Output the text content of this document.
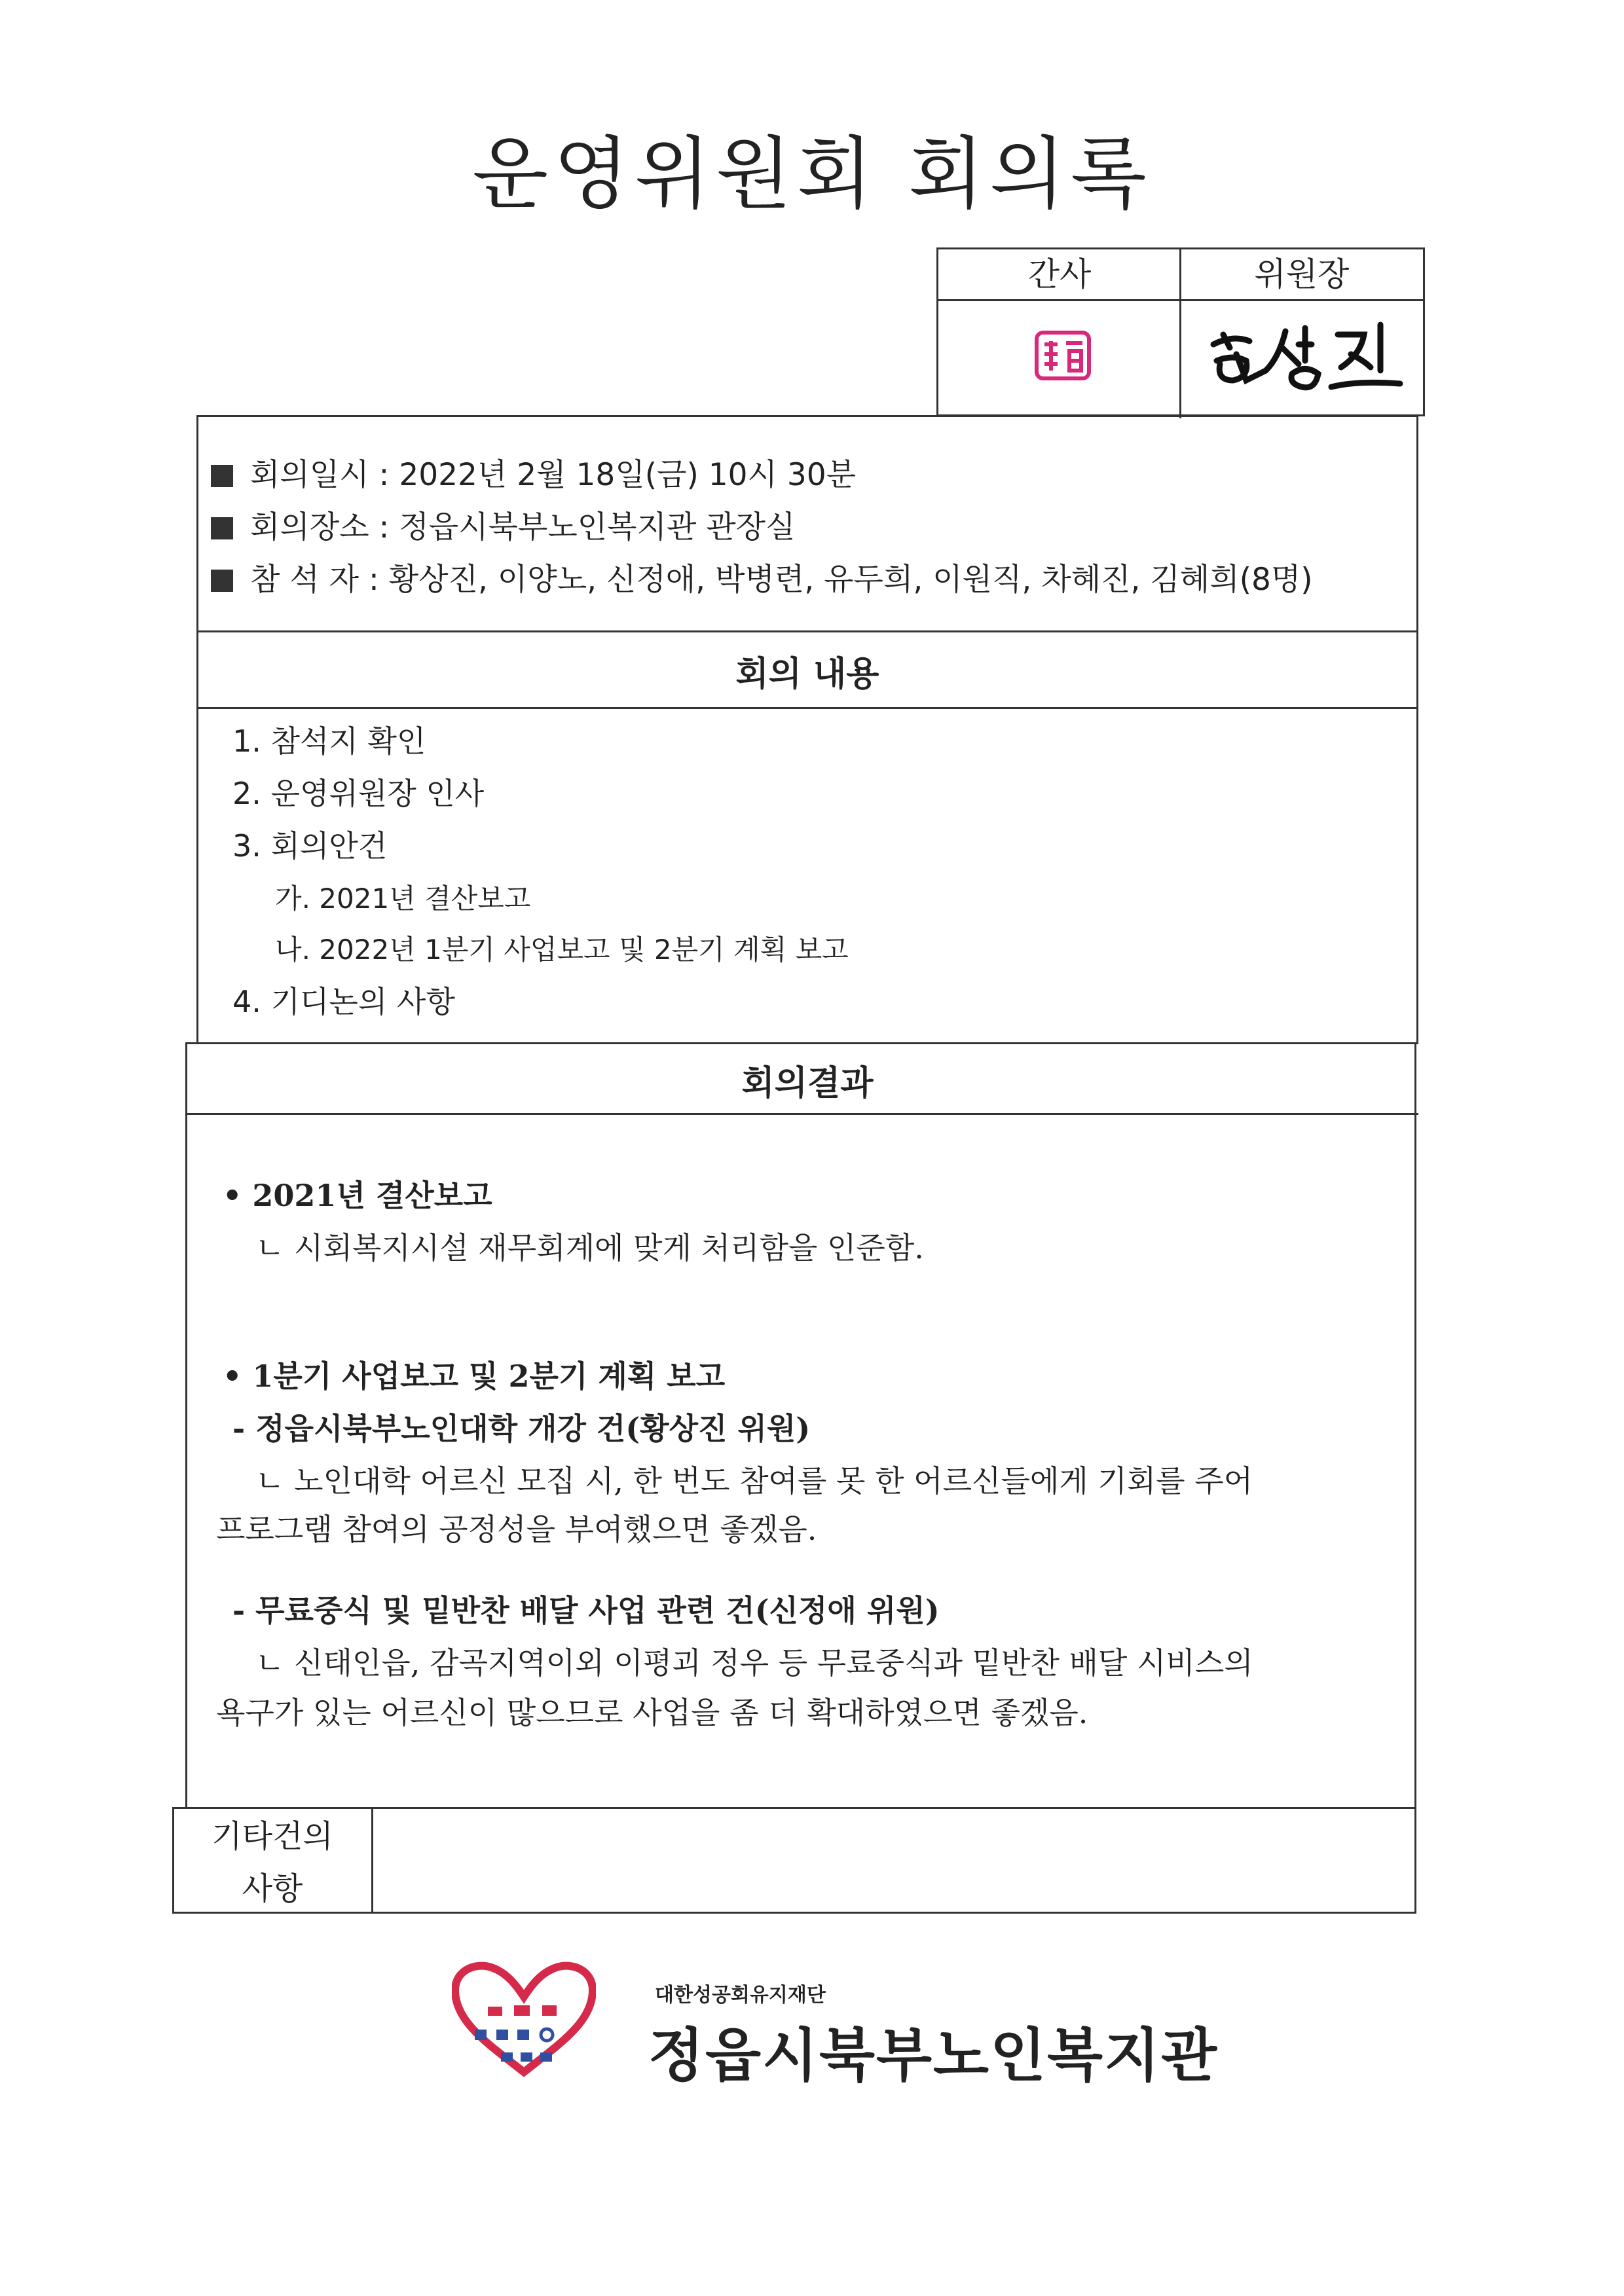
운영위원회 회의록
간사	위원장
회의일시 : 2022년 2월 18일(금) 10시 30분
회의장소 : 정읍시북부노인복지관 관장실
참 석 자 : 황상진, 이양노, 신정애, 박병련, 유두희, 이원직, 차혜진, 김혜희(8명)
회의 내용
1. 참석지 확인
2. 운영위원장 인사
3. 회의안건
가. 2021년 결산보고
나. 2022년 1분기 사업보고 및 2분기 계획 보고
4. 기디논의 사항
회의결과
• 2021년 결산보고
ㄴ 시회복지시설 재무회계에 맞게 처리함을 인준함.
• 1분기 사업보고 및 2분기 계획 보고
- 정읍시북부노인대학 개강 건(황상진 위원)
ㄴ 노인대학 어르신 모집 시, 한 번도 참여를 못 한 어르신들에게 기회를 주어
프로그램 참여의 공정성을 부여했으면 좋겠음.
- 무료중식 및 밑반찬 배달 사업 관련 건(신정애 위원)
ㄴ 신태인읍, 감곡지역이외 이평괴 정우 등 무료중식과 밑반찬 배달 시비스의
욕구가 있는 어르신이 많으므로 사업을 좀 더 확대하였으면 좋겠음.
기타건의
사항
대한성공회유지재단
정읍시북부노인복지관
